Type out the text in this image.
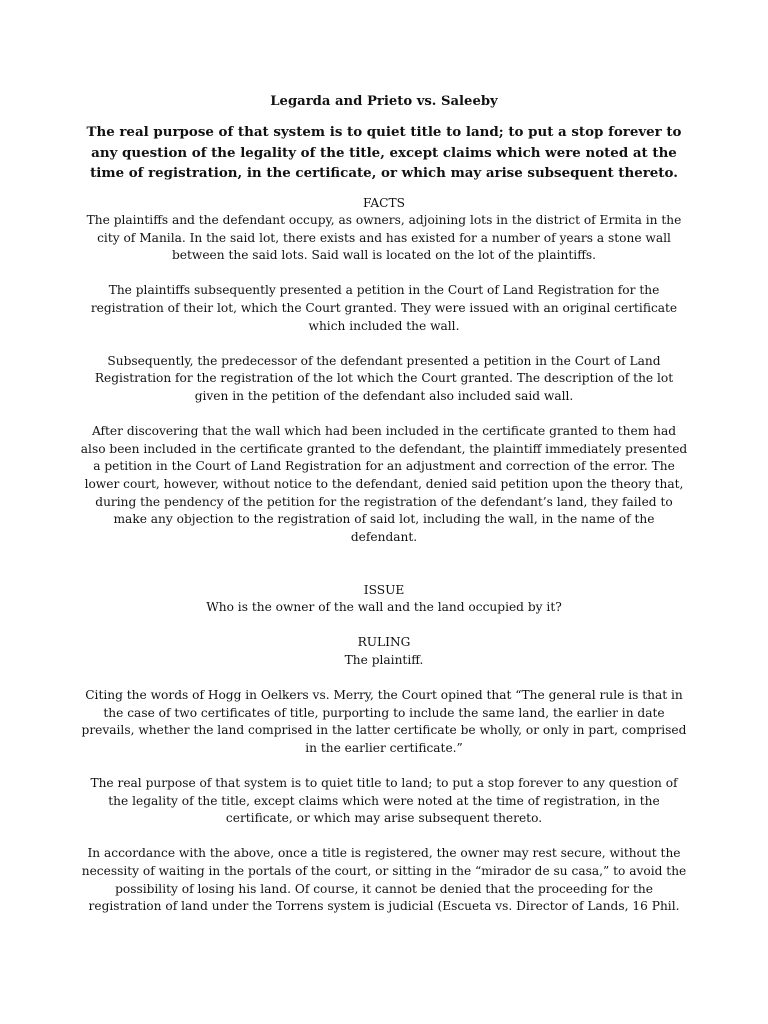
Legarda and Prieto vs. Saleeby
The real purpose of that system is to quiet title to land; to put a stop forever to any question of the legality of the title, except claims which were noted at the time of registration, in the certificate, or which may arise subsequent thereto.
FACTS

The plaintiffs and the defendant occupy, as owners, adjoining lots in the district of Ermita in the city of Manila. In the said lot, there exists and has existed for a number of years a stone wall between the said lots. Said wall is located on the lot of the plaintiffs.

The plaintiffs subsequently presented a petition in the Court of Land Registration for the registration of their lot, which the Court granted. They were issued with an original certificate which included the wall.

Subsequently, the predecessor of the defendant presented a petition in the Court of Land Registration for the registration of the lot which the Court granted. The description of the lot given in the petition of the defendant also included said wall.

After discovering that the wall which had been included in the certificate granted to them had also been included in the certificate granted to the defendant, the plaintiff immediately presented a petition in the Court of Land Registration for an adjustment and correction of the error. The lower court, however, without notice to the defendant, denied said petition upon the theory that, during the pendency of the petition for the registration of the defendant’s land, they failed to make any objection to the registration of said lot, including the wall, in the name of the defendant.

ISSUE

Who is the owner of the wall and the land occupied by it?

RULING

The plaintiff.

Citing the words of Hogg in Oelkers vs. Merry, the Court opined that “The general rule is that in the case of two certificates of title, purporting to include the same land, the earlier in date prevails, whether the land comprised in the latter certificate be wholly, or only in part, comprised in the earlier certificate.”

The real purpose of that system is to quiet title to land; to put a stop forever to any question of the legality of the title, except claims which were noted at the time of registration, in the certificate, or which may arise subsequent thereto.

In accordance with the above, once a title is registered, the owner may rest secure, without the necessity of waiting in the portals of the court, or sitting in the “mirador de su casa,” to avoid the possibility of losing his land. Of course, it cannot be denied that the proceeding for the registration of land under the Torrens system is judicial (Escueta vs. Director of Lands, 16 Phil.
